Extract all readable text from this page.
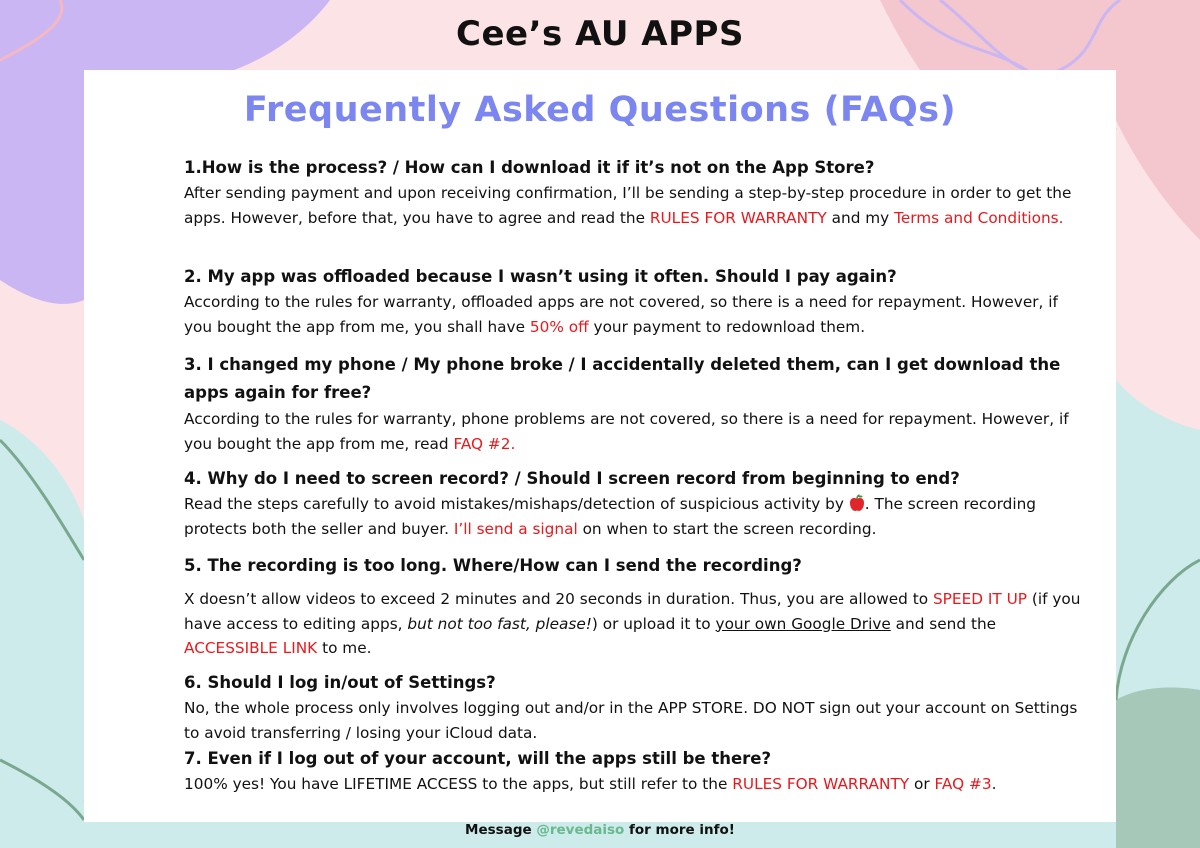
Cee’s AU APPS
Frequently Asked Questions (FAQs)

1.How is the process? / How can I download it if it’s not on the App Store?

After sending payment and upon receiving confirmation, I’ll be sending a step-by-step procedure in order to get the apps. However, before that, you have to agree and read the RULES FOR WARRANTY and my Terms and Conditions.

2. My app was offloaded because I wasn’t using it often. Should I pay again?

According to the rules for warranty, offloaded apps are not covered, so there is a need for repayment. However, if you bought the app from me, you shall have 50% off your payment to redownload them.

3. I changed my phone / My phone broke / I accidentally deleted them, can I get download the apps again for free?

According to the rules for warranty, phone problems are not covered, so there is a need for repayment. However, if you bought the app from me, read FAQ #2.

4. Why do I need to screen record? / Should I screen record from beginning to end?

Read the steps carefully to avoid mistakes/mishaps/detection of suspicious activity by . The screen recording protects both the seller and buyer. I’ll send a signal on when to start the screen recording.

5. The recording is too long. Where/How can I send the recording?

X doesn’t allow videos to exceed 2 minutes and 20 seconds in duration. Thus, you are allowed to SPEED IT UP (if you have access to editing apps, but not too fast, please!) or upload it to your own Google Drive and send the ACCESSIBLE LINK to me.

6. Should I log in/out of Settings?

No, the whole process only involves logging out and/or in the APP STORE. DO NOT sign out your account on Settings to avoid transferring / losing your iCloud data.

7. Even if I log out of your account, will the apps still be there?

100% yes! You have LIFETIME ACCESS to the apps, but still refer to the RULES FOR WARRANTY or FAQ #3.

Message @revedaiso for more info!
